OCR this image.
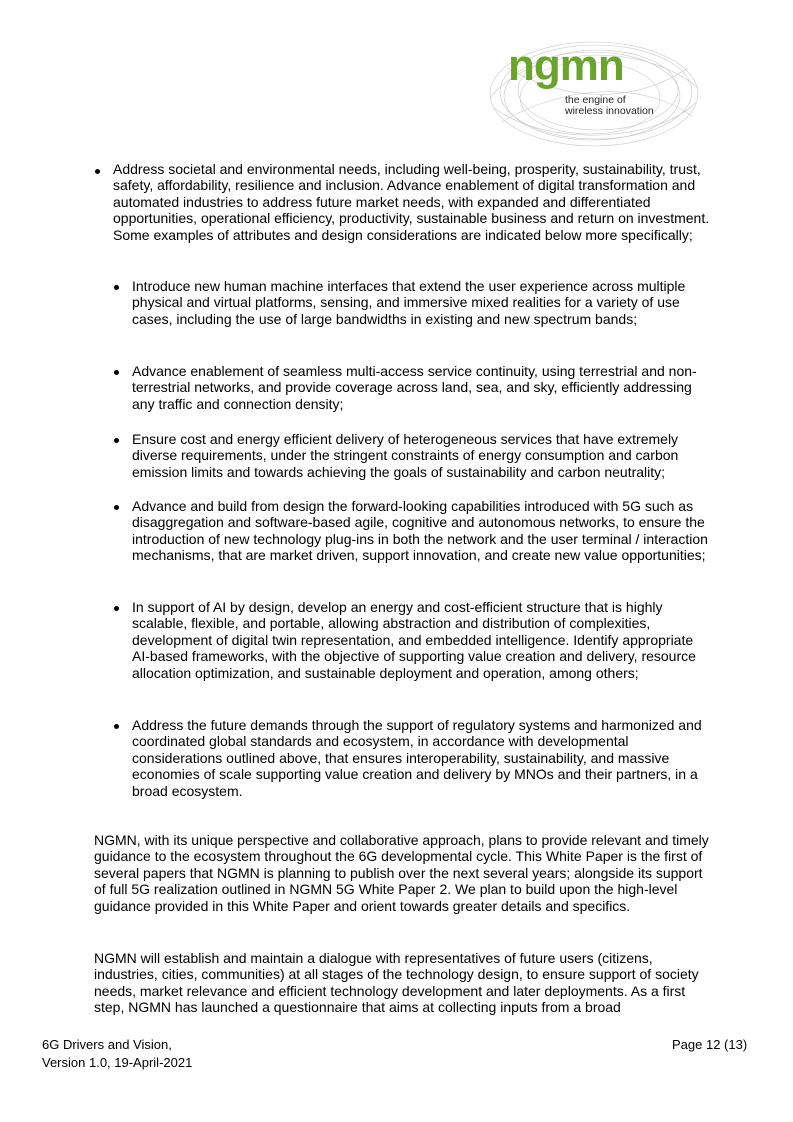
ngmn
the engine of
wireless innovation
Address societal and environmental needs, including well-being, prosperity, sustainability, trust, safety, affordability, resilience and inclusion. Advance enablement of digital transformation and automated industries to address future market needs, with expanded and differentiated opportunities, operational efficiency, productivity, sustainable business and return on investment. Some examples of attributes and design considerations are indicated below more specifically;
Introduce new human machine interfaces that extend the user experience across multiple physical and virtual platforms, sensing, and immersive mixed realities for a variety of use cases, including the use of large bandwidths in existing and new spectrum bands;
Advance enablement of seamless multi-access service continuity, using terrestrial and non-terrestrial networks, and provide coverage across land, sea, and sky, efficiently addressing any traffic and connection density;
Ensure cost and energy efficient delivery of heterogeneous services that have extremely diverse requirements, under the stringent constraints of energy consumption and carbon emission limits and towards achieving the goals of sustainability and carbon neutrality;
Advance and build from design the forward-looking capabilities introduced with 5G such as disaggregation and software-based agile, cognitive and autonomous networks, to ensure the introduction of new technology plug-ins in both the network and the user terminal / interaction mechanisms, that are market driven, support innovation, and create new value opportunities;
In support of AI by design, develop an energy and cost-efficient structure that is highly scalable, flexible, and portable, allowing abstraction and distribution of complexities, development of digital twin representation, and embedded intelligence. Identify appropriate AI-based frameworks, with the objective of supporting value creation and delivery, resource allocation optimization, and sustainable deployment and operation, among others;
Address the future demands through the support of regulatory systems and harmonized and coordinated global standards and ecosystem, in accordance with developmental considerations outlined above, that ensures interoperability, sustainability, and massive economies of scale supporting value creation and delivery by MNOs and their partners, in a broad ecosystem.
NGMN, with its unique perspective and collaborative approach, plans to provide relevant and timely guidance to the ecosystem throughout the 6G developmental cycle. This White Paper is the first of several papers that NGMN is planning to publish over the next several years; alongside its support of full 5G realization outlined in NGMN 5G White Paper 2. We plan to build upon the high-level guidance provided in this White Paper and orient towards greater details and specifics.
NGMN will establish and maintain a dialogue with representatives of future users (citizens, industries, cities, communities) at all stages of the technology design, to ensure support of society needs, market relevance and efficient technology development and later deployments. As a first step, NGMN has launched a questionnaire that aims at collecting inputs from a broad
6G Drivers and Vision,
Version 1.0, 19-April-2021
Page 12 (13)
